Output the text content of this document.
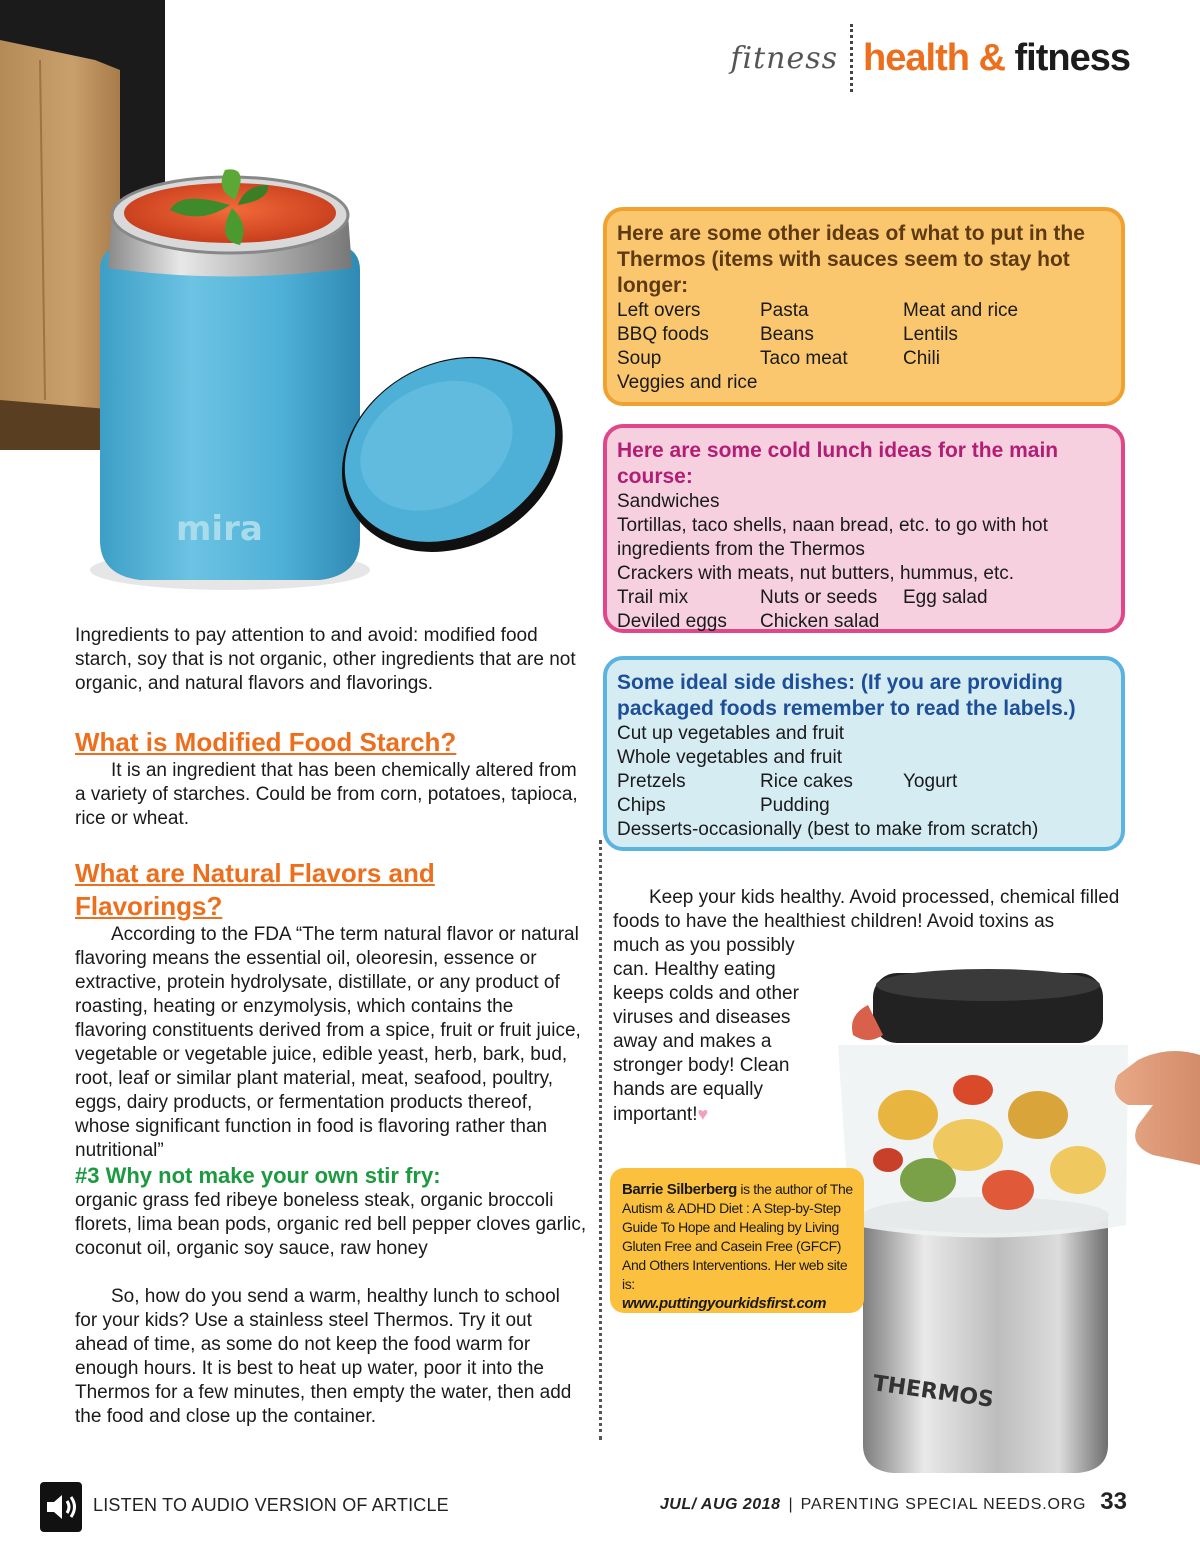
fitness health & fitness
mira

Ingredients to pay attention to and avoid: modified food starch, soy that is not organic, other ingredients that are not organic, and natural flavors and flavorings.

What is Modified Food Starch?

It is an ingredient that has been chemically altered from a variety of starches. Could be from corn, potatoes, tapioca, rice or wheat.

What are Natural Flavors and Flavorings?

According to the FDA “The term natural flavor or natural flavoring means the essential oil, oleoresin, essence or extractive, protein hydrolysate, distillate, or any product of roasting, heating or enzymolysis, which contains the flavoring constituents derived from a spice, fruit or fruit juice, vegetable or vegetable juice, edible yeast, herb, bark, bud, root, leaf or similar plant material, meat, seafood, poultry, eggs, dairy products, or fermentation products thereof, whose significant function in food is flavoring rather than nutritional”

#3 Why not make your own stir fry:

organic grass fed ribeye boneless steak, organic broccoli florets, lima bean pods, organic red bell pepper cloves garlic, coconut oil, organic soy sauce, raw honey

So, how do you send a warm, healthy lunch to school for your kids? Use a stainless steel Thermos. Try it out ahead of time, as some do not keep the food warm for enough hours. It is best to heat up water, poor it into the Thermos for a few minutes, then empty the water, then add the food and close up the container.

Here are some other ideas of what to put in the Thermos (items with sauces seem to stay hot longer:
Left overs	Pasta	Meat and rice
BBQ foods	Beans	Lentils
Soup	Taco meat	Chili
Veggies and rice
Here are some cold lunch ideas for the main course:
Sandwiches
Tortillas, taco shells, naan bread, etc. to go with hot ingredients from the Thermos
Crackers with meats, nut butters, hummus, etc.
Trail mix	Nuts or seeds	Egg salad
Deviled eggs	Chicken salad
Some ideal side dishes: (If you are providing packaged foods remember to read the labels.)
Cut up vegetables and fruit
Whole vegetables and fruit
Pretzels	Rice cakes	Yogurt
Chips	Pudding
Desserts-occasionally (best to make from scratch)
Keep your kids healthy. Avoid processed, chemical filled foods to have the healthiest children! Avoid toxins as
much as you possibly can. Healthy eating keeps colds and other viruses and diseases away and makes a stronger body! Clean hands are equally important!♥
THERMOS
Barrie Silberberg is the author of The Autism & ADHD Diet : A Step-by-Step Guide To Hope and Healing by Living Gluten Free and Casein Free (GFCF) And Others Interventions. Her web site is:
www.puttingyourkidsfirst.com
LISTEN TO AUDIO VERSION OF ARTICLE	JUL/ AUG 2018 | PARENTING SPECIAL NEEDS.ORG 33
